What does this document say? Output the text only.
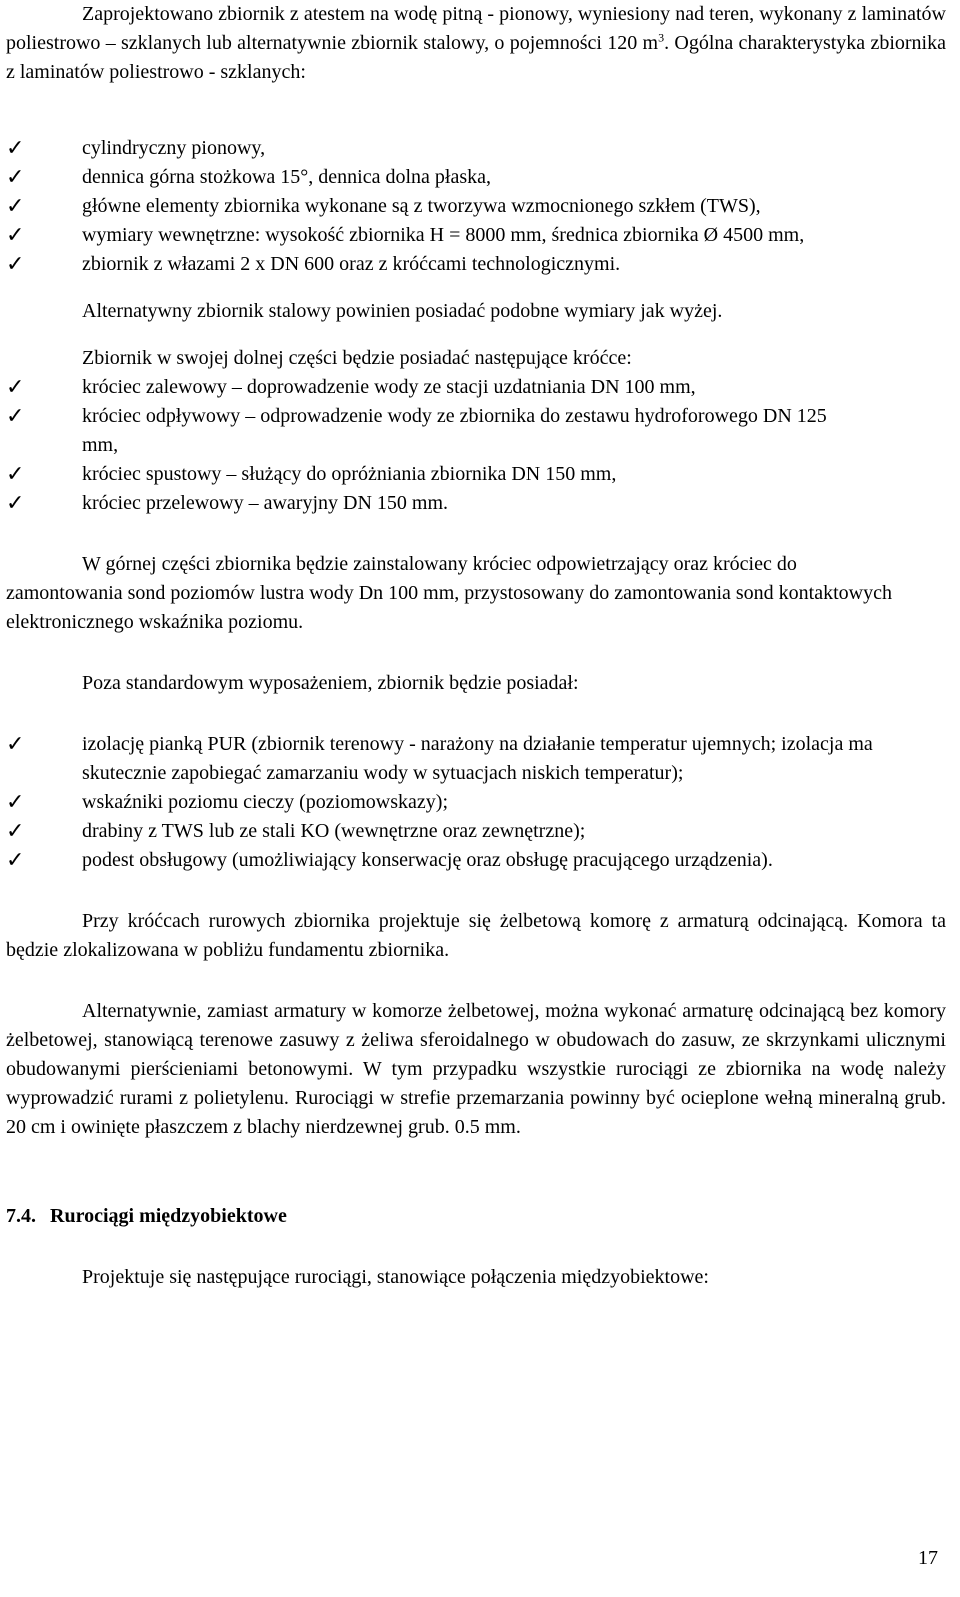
Zaprojektowano zbiornik z atestem na wodę pitną - pionowy, wyniesiony nad teren, wykonany z laminatów poliestrowo – szklanych lub alternatywnie zbiornik stalowy, o pojemności 120 $m^3$. Ogólna charakterystyka zbiornika z laminatów poliestrowo - szklanych:

✓	cylindryczny pionowy,
✓	dennica górna stożkowa 15°, dennica dolna płaska,
✓	główne elementy zbiornika wykonane są z tworzywa wzmocnionego szkłem (TWS),
✓	wymiary wewnętrzne: wysokość zbiornika H = 8000 mm, średnica zbiornika Ø 4500 mm,
✓	zbiornik z włazami 2 x DN 600 oraz z króćcami technologicznymi.

Alternatywny zbiornik stalowy powinien posiadać podobne wymiary jak wyżej.

Zbiornik w swojej dolnej części będzie posiadać następujące króćce:

✓	króciec zalewowy – doprowadzenie wody ze stacji uzdatniania DN 100 mm,
✓	króciec odpływowy – odprowadzenie wody ze zbiornika do zestawu hydroforowego DN 125 mm,
✓	króciec spustowy – służący do opróżniania zbiornika DN 150 mm,
✓	króciec przelewowy – awaryjny DN 150 mm.

W górnej części zbiornika będzie zainstalowany króciec odpowietrzający oraz króciec do zamontowania sond poziomów lustra wody Dn 100 mm, przystosowany do zamontowania sond kontaktowych elektronicznego wskaźnika poziomu.

Poza standardowym wyposażeniem, zbiornik będzie posiadał:

✓	izolację pianką PUR (zbiornik terenowy - narażony na działanie temperatur ujemnych; izolacja ma skutecznie zapobiegać zamarzaniu wody w sytuacjach niskich temperatur);
✓	wskaźniki poziomu cieczy (poziomowskazy);
✓	drabiny z TWS lub ze stali KO (wewnętrzne oraz zewnętrzne);
✓	podest obsługowy (umożliwiający konserwację oraz obsługę pracującego urządzenia).

Przy króćcach rurowych zbiornika projektuje się żelbetową komorę z armaturą odcinającą. Komora ta będzie zlokalizowana w pobliżu fundamentu zbiornika.

Alternatywnie, zamiast armatury w komorze żelbetowej, można wykonać armaturę odcinającą bez komory żelbetowej, stanowiącą terenowe zasuwy z żeliwa sferoidalnego w obudowach do zasuw, ze skrzynkami ulicznymi obudowanymi pierścieniami betonowymi. W tym przypadku wszystkie rurociągi ze zbiornika na wodę należy wyprowadzić rurami z polietylenu. Rurociągi w strefie przemarzania powinny być ocieplone wełną mineralną grub. 20 cm i owinięte płaszczem z blachy nierdzewnej grub. 0.5 mm.

7.4. Rurociągi międzyobiektowe

Projektuje się następujące rurociągi, stanowiące połączenia międzyobiektowe:

17
